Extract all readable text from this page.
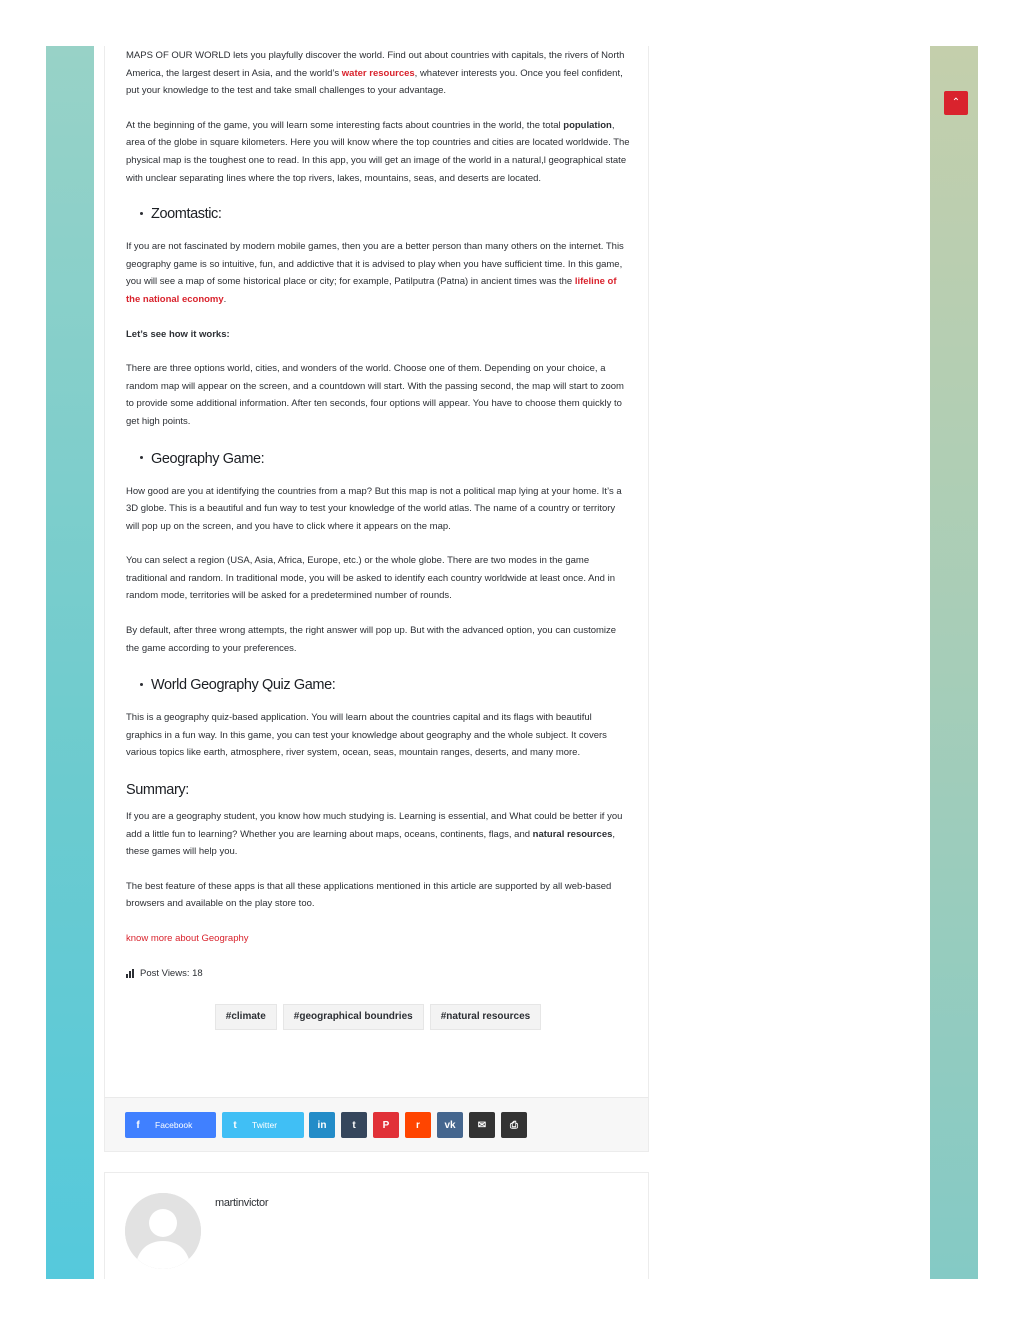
⌃

MAPS OF OUR WORLD lets you playfully discover the world. Find out about countries with capitals, the rivers of North America, the largest desert in Asia, and the world’s water resources, whatever interests you. Once you feel confident, put your knowledge to the test and take small challenges to your advantage.

At the beginning of the game, you will learn some interesting facts about countries in the world, the total population, area of the globe in square kilometers. Here you will know where the top countries and cities are located worldwide. The physical map is the toughest one to read. In this app, you will get an image of the world in a natural,l geographical state with unclear separating lines where the top rivers, lakes, mountains, seas, and deserts are located.

Zoomtastic:

If you are not fascinated by modern mobile games, then you are a better person than many others on the internet. This geography game is so intuitive, fun, and addictive that it is advised to play when you have sufficient time. In this game, you will see a map of some historical place or city; for example, Patilputra (Patna) in ancient times was the lifeline of the national economy.

Let’s see how it works:

There are three options world, cities, and wonders of the world. Choose one of them. Depending on your choice, a random map will appear on the screen, and a countdown will start. With the passing second, the map will start to zoom to provide some additional information. After ten seconds, four options will appear. You have to choose them quickly to get high points.

Geography Game:

How good are you at identifying the countries from a map? But this map is not a political map lying at your home. It’s a 3D globe. This is a beautiful and fun way to test your knowledge of the world atlas. The name of a country or territory will pop up on the screen, and you have to click where it appears on the map.

You can select a region (USA, Asia, Africa, Europe, etc.) or the whole globe. There are two modes in the game traditional and random. In traditional mode, you will be asked to identify each country worldwide at least once. And in random mode, territories will be asked for a predetermined number of rounds.

By default, after three wrong attempts, the right answer will pop up. But with the advanced option, you can customize the game according to your preferences.

World Geography Quiz Game:

This is a geography quiz-based application. You will learn about the countries capital and its flags with beautiful graphics in a fun way. In this game, you can test your knowledge about geography and the whole subject. It covers various topics like earth, atmosphere, river system, ocean, seas, mountain ranges, deserts, and many more.

Summary:

If you are a geography student, you know how much studying is. Learning is essential, and What could be better if you add a little fun to learning? Whether you are learning about maps, oceans, continents, flags, and natural resources, these games will help you.

The best feature of these apps is that all these applications mentioned in this article are supported by all web-based browsers and available on the play store too.

know more about Geography

Post Views: 18
#climate	#geographical boundries	#natural resources
f	Facebook	t	Twitter	in	t	P	r	vk	✉	⎙
martinvictor
